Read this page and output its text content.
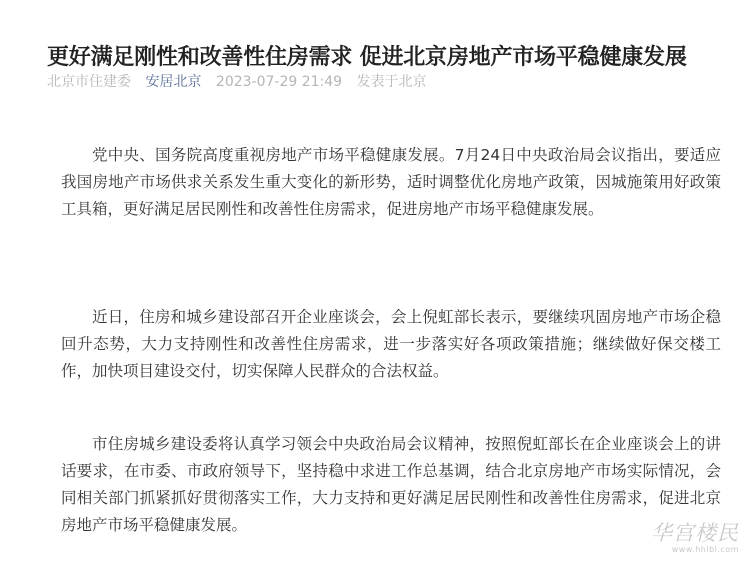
更好满足刚性和改善性住房需求 促进北京房地产市场平稳健康发展
北京市住建委 安居北京 2023-07-29 21:49 发表于北京

党中央、国务院高度重视房地产市场平稳健康发展。7月24日中央政治局会议指出，要适应我国房地产市场供求关系发生重大变化的新形势，适时调整优化房地产政策，因城施策用好政策工具箱，更好满足居民刚性和改善性住房需求，促进房地产市场平稳健康发展。

近日，住房和城乡建设部召开企业座谈会，会上倪虹部长表示，要继续巩固房地产市场企稳回升态势，大力支持刚性和改善性住房需求，进一步落实好各项政策措施；继续做好保交楼工作，加快项目建设交付，切实保障人民群众的合法权益。

市住房城乡建设委将认真学习领会中央政治局会议精神，按照倪虹部长在企业座谈会上的讲话要求，在市委、市政府领导下，坚持稳中求进工作总基调，结合北京房地产市场实际情况，会同相关部门抓紧抓好贯彻落实工作，大力支持和更好满足居民刚性和改善性住房需求，促进北京房地产市场平稳健康发展。	华宫楼民
www.hhlbl.com
